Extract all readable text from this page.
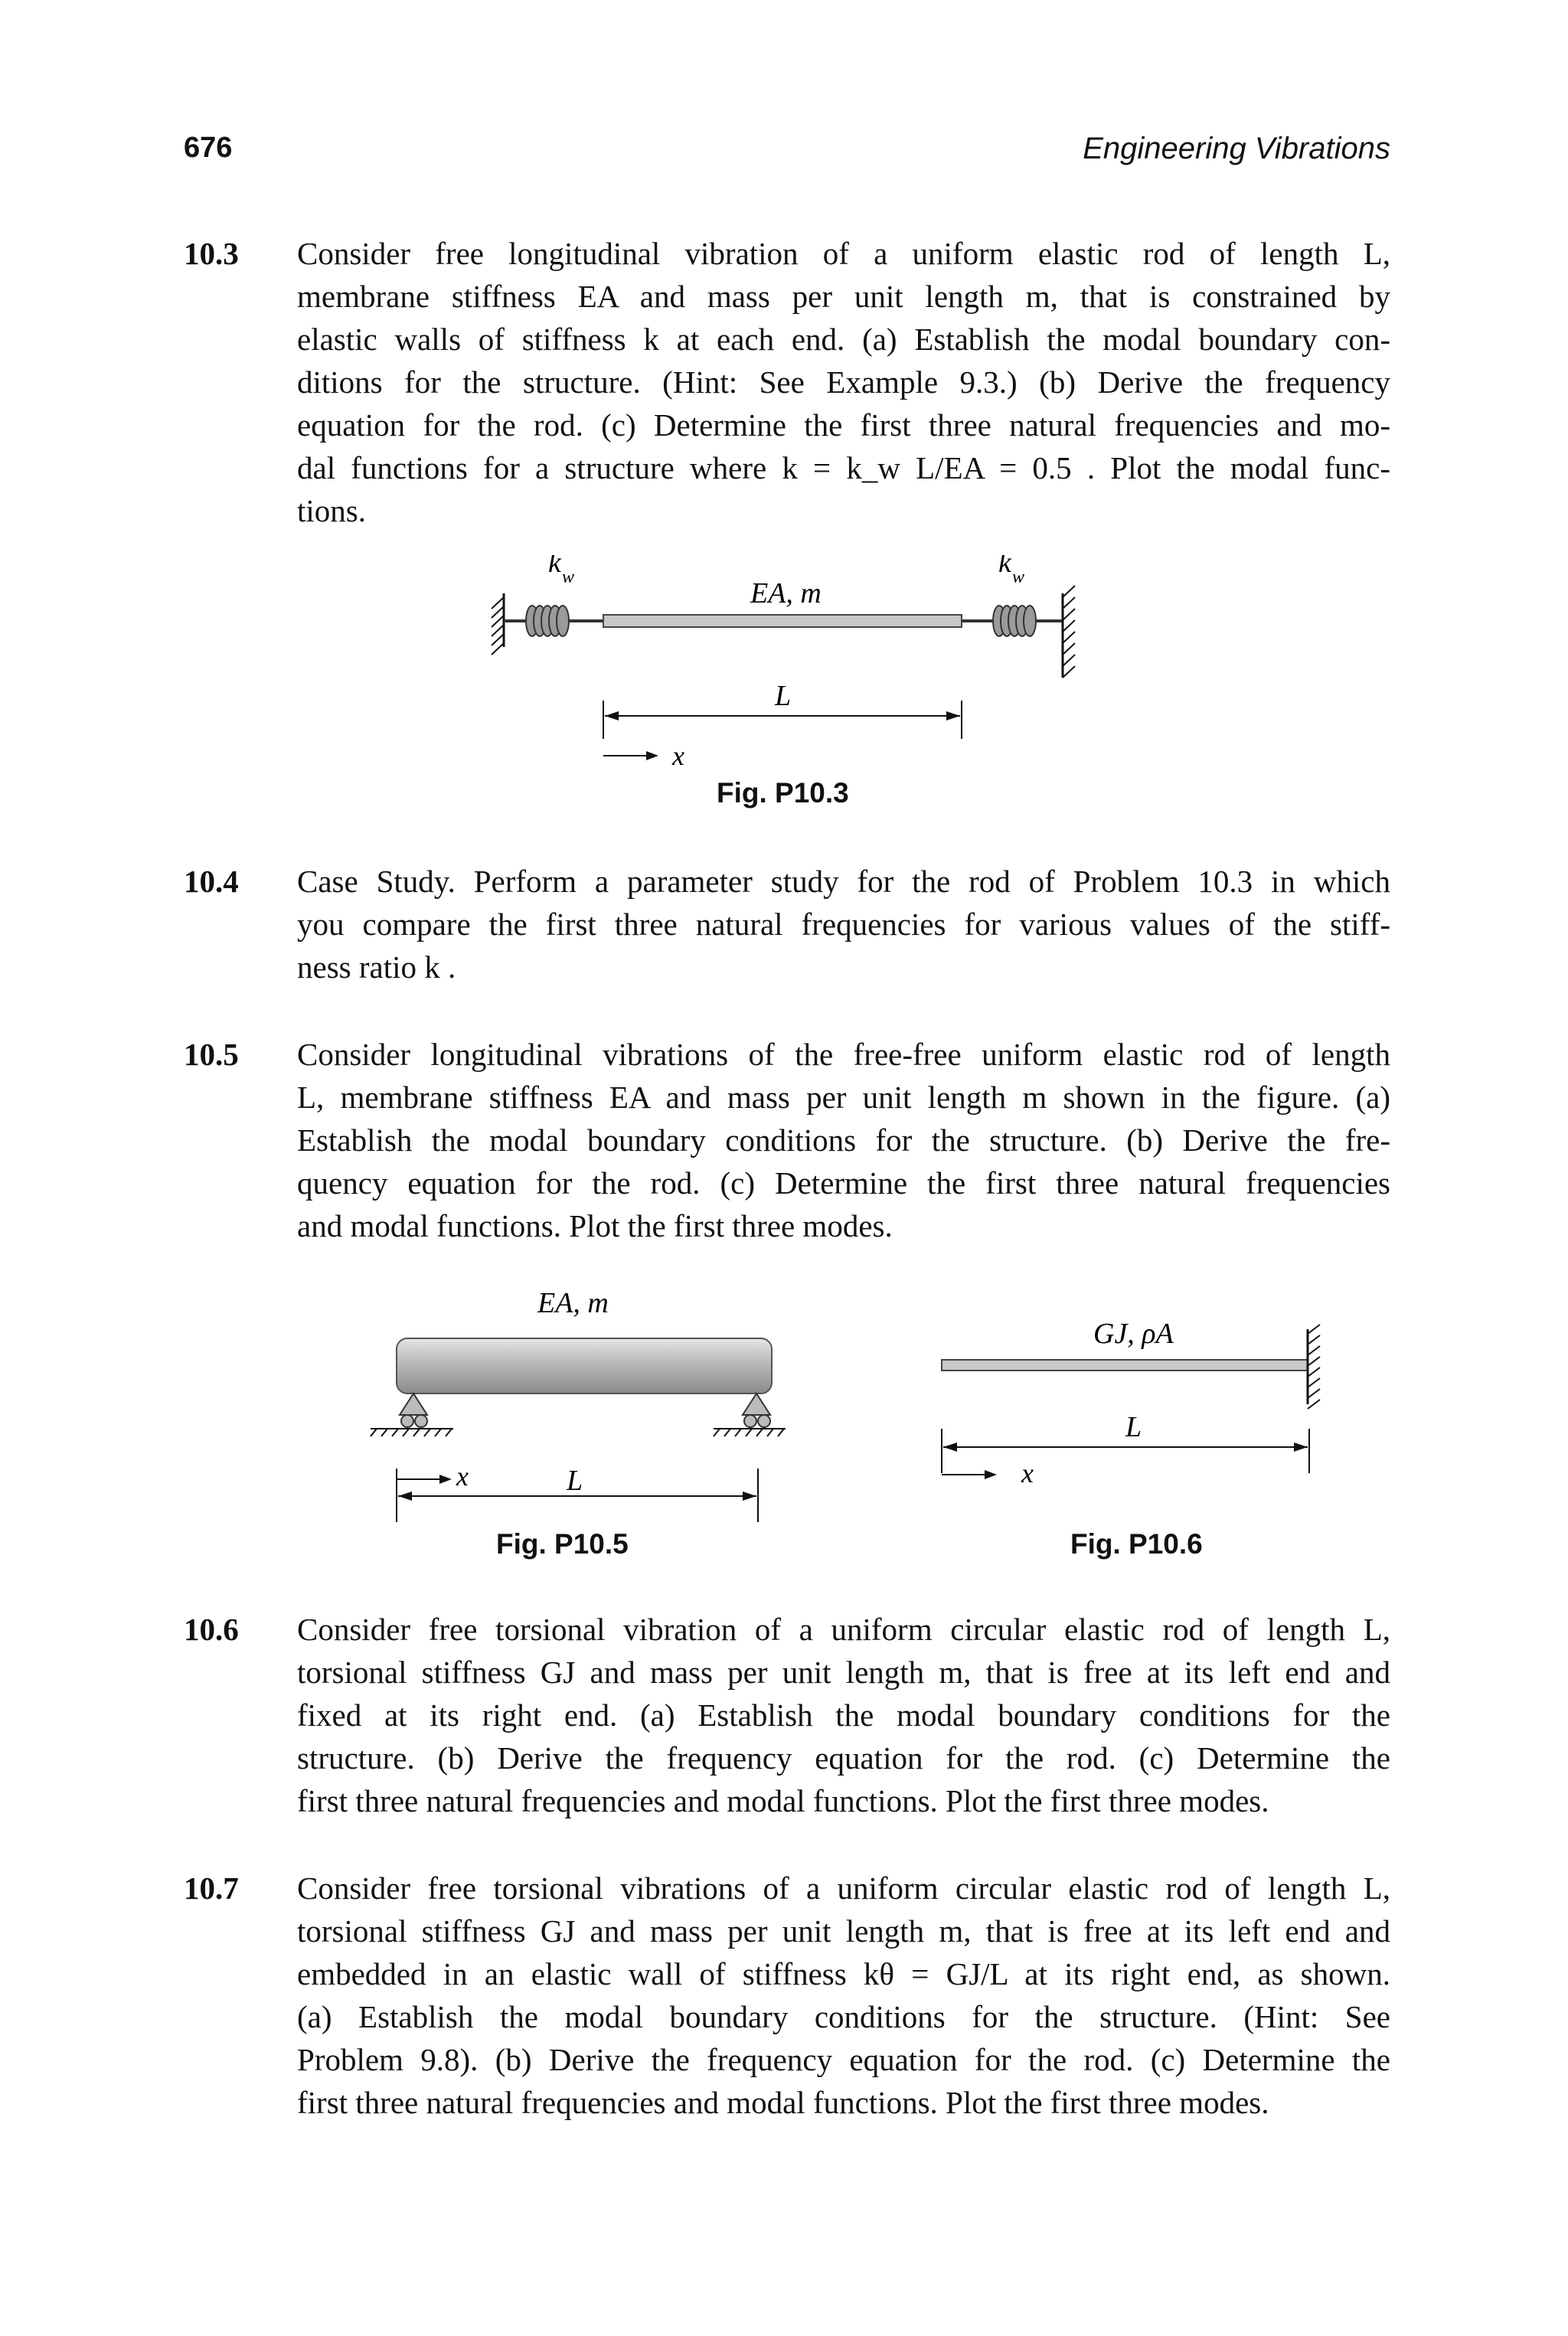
676	Engineering Vibrations
10.3 Consider free longitudinal vibration of a uniform elastic rod of length L,
membrane stiffness EA and mass per unit length m, that is constrained by
elastic walls of stiffness k at each end. (a) Establish the modal boundary con-
ditions for the structure. (Hint: See Example 9.3.) (b) Derive the frequency
equation for the rod. (c) Determine the first three natural frequencies and mo-
dal functions for a structure where k = k_w L/EA = 0.5 . Plot the modal func-
tions.
k w	k w
EA, m
L
x
Fig. P10.3
10.4 Case Study. Perform a parameter study for the rod of Problem 10.3 in which
you compare the first three natural frequencies for various values of the stiff-
ness ratio k .
10.5 Consider longitudinal vibrations of the free-free uniform elastic rod of length
L, membrane stiffness EA and mass per unit length m shown in the figure. (a)
Establish the modal boundary conditions for the structure. (b) Derive the fre-
quency equation for the rod. (c) Determine the first three natural frequencies
and modal functions. Plot the first three modes.
EA, m
L
x
Fig. P10.5
GJ, ρA
L
x
Fig. P10.6
10.6 Consider free torsional vibration of a uniform circular elastic rod of length L,
torsional stiffness GJ and mass per unit length m, that is free at its left end and
fixed at its right end. (a) Establish the modal boundary conditions for the
structure. (b) Derive the frequency equation for the rod. (c) Determine the
first three natural frequencies and modal functions. Plot the first three modes.
10.7 Consider free torsional vibrations of a uniform circular elastic rod of length L,
torsional stiffness GJ and mass per unit length m, that is free at its left end and
embedded in an elastic wall of stiffness kθ = GJ/L at its right end, as shown.
(a) Establish the modal boundary conditions for the structure. (Hint: See
Problem 9.8). (b) Derive the frequency equation for the rod. (c) Determine the
first three natural frequencies and modal functions. Plot the first three modes.
